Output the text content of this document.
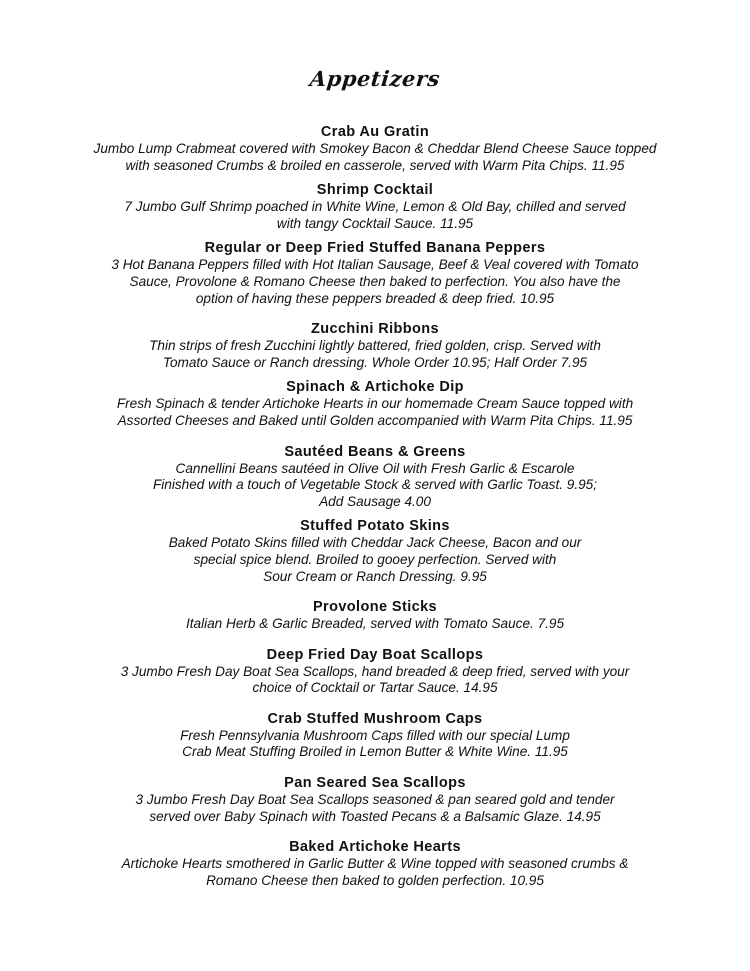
Appetizers
Crab Au Gratin
Jumbo Lump Crabmeat covered with Smokey Bacon & Cheddar Blend Cheese Sauce topped
with seasoned Crumbs & broiled en casserole, served with Warm Pita Chips. 11.95
Shrimp Cocktail
7 Jumbo Gulf Shrimp poached in White Wine, Lemon & Old Bay, chilled and served
with tangy Cocktail Sauce. 11.95
Regular or Deep Fried Stuffed Banana Peppers
3 Hot Banana Peppers filled with Hot Italian Sausage, Beef & Veal covered with Tomato
Sauce, Provolone & Romano Cheese then baked to perfection. You also have the
option of having these peppers breaded & deep fried. 10.95
Zucchini Ribbons
Thin strips of fresh Zucchini lightly battered, fried golden, crisp. Served with
Tomato Sauce or Ranch dressing. Whole Order 10.95; Half Order 7.95
Spinach & Artichoke Dip
Fresh Spinach & tender Artichoke Hearts in our homemade Cream Sauce topped with
Assorted Cheeses and Baked until Golden accompanied with Warm Pita Chips. 11.95
Sautéed Beans & Greens
Cannellini Beans sautéed in Olive Oil with Fresh Garlic & Escarole
Finished with a touch of Vegetable Stock & served with Garlic Toast. 9.95;
Add Sausage 4.00
Stuffed Potato Skins
Baked Potato Skins filled with Cheddar Jack Cheese, Bacon and our
special spice blend. Broiled to gooey perfection. Served with
Sour Cream or Ranch Dressing. 9.95
Provolone Sticks
Italian Herb & Garlic Breaded, served with Tomato Sauce. 7.95
Deep Fried Day Boat Scallops
3 Jumbo Fresh Day Boat Sea Scallops, hand breaded & deep fried, served with your
choice of Cocktail or Tartar Sauce. 14.95
Crab Stuffed Mushroom Caps
Fresh Pennsylvania Mushroom Caps filled with our special Lump
Crab Meat Stuffing Broiled in Lemon Butter & White Wine. 11.95
Pan Seared Sea Scallops
3 Jumbo Fresh Day Boat Sea Scallops seasoned & pan seared gold and tender
served over Baby Spinach with Toasted Pecans & a Balsamic Glaze. 14.95
Baked Artichoke Hearts
Artichoke Hearts smothered in Garlic Butter & Wine topped with seasoned crumbs &
Romano Cheese then baked to golden perfection. 10.95
